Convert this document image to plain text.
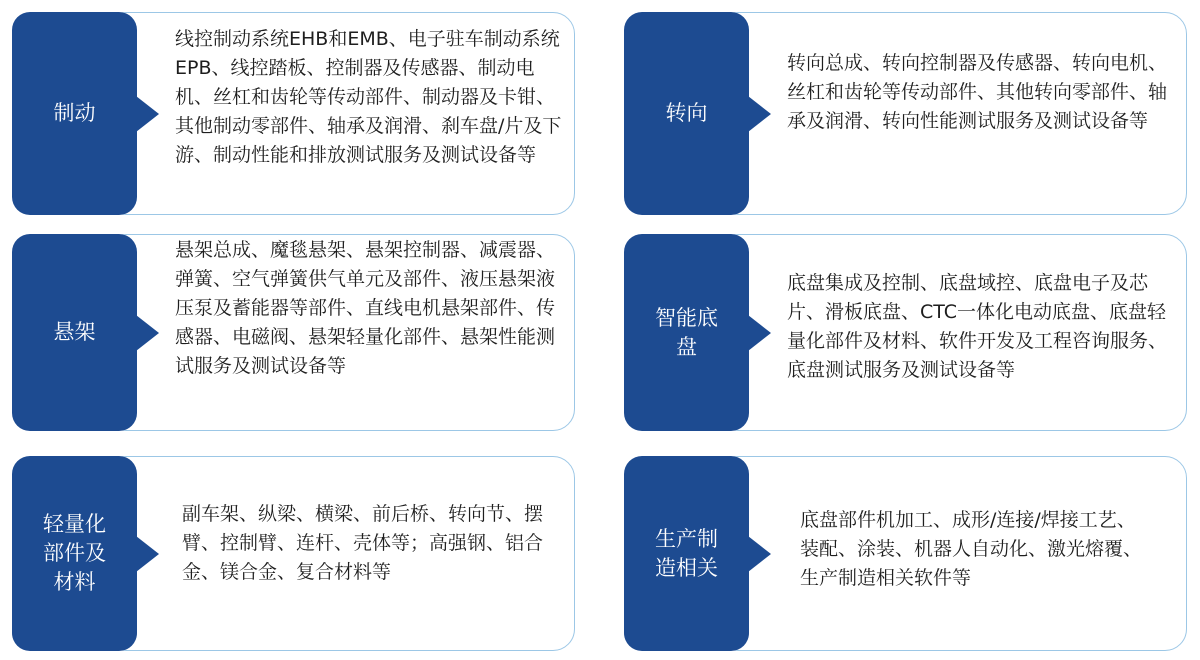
线控制动系统EHB和EMB、电子驻车制动系统EPB、线控踏板、控制器及传感器、制动电机、丝杠和齿轮等传动部件、制动器及卡钳、其他制动零部件、轴承及润滑、刹车盘/片及下游、制动性能和排放测试服务及测试设备等
制动
转向总成、转向控制器及传感器、转向电机、丝杠和齿轮等传动部件、其他转向零部件、轴承及润滑、转向性能测试服务及测试设备等
转向
悬架总成、魔毯悬架、悬架控制器、减震器、弹簧、空气弹簧供气单元及部件、液压悬架液压泵及蓄能器等部件、直线电机悬架部件、传感器、电磁阀、悬架轻量化部件、悬架性能测试服务及测试设备等
悬架
底盘集成及控制、底盘域控、底盘电子及芯片、滑板底盘、CTC一体化电动底盘、底盘轻量化部件及材料、软件开发及工程咨询服务、底盘测试服务及测试设备等
智能底盘
副车架、纵梁、横梁、前后桥、转向节、摆臂、控制臂、连杆、壳体等；高强钢、铝合金、镁合金、复合材料等
轻量化部件及材料
底盘部件机加工、成形/连接/焊接工艺、装配、涂装、机器人自动化、激光熔覆、生产制造相关软件等
生产制造相关
